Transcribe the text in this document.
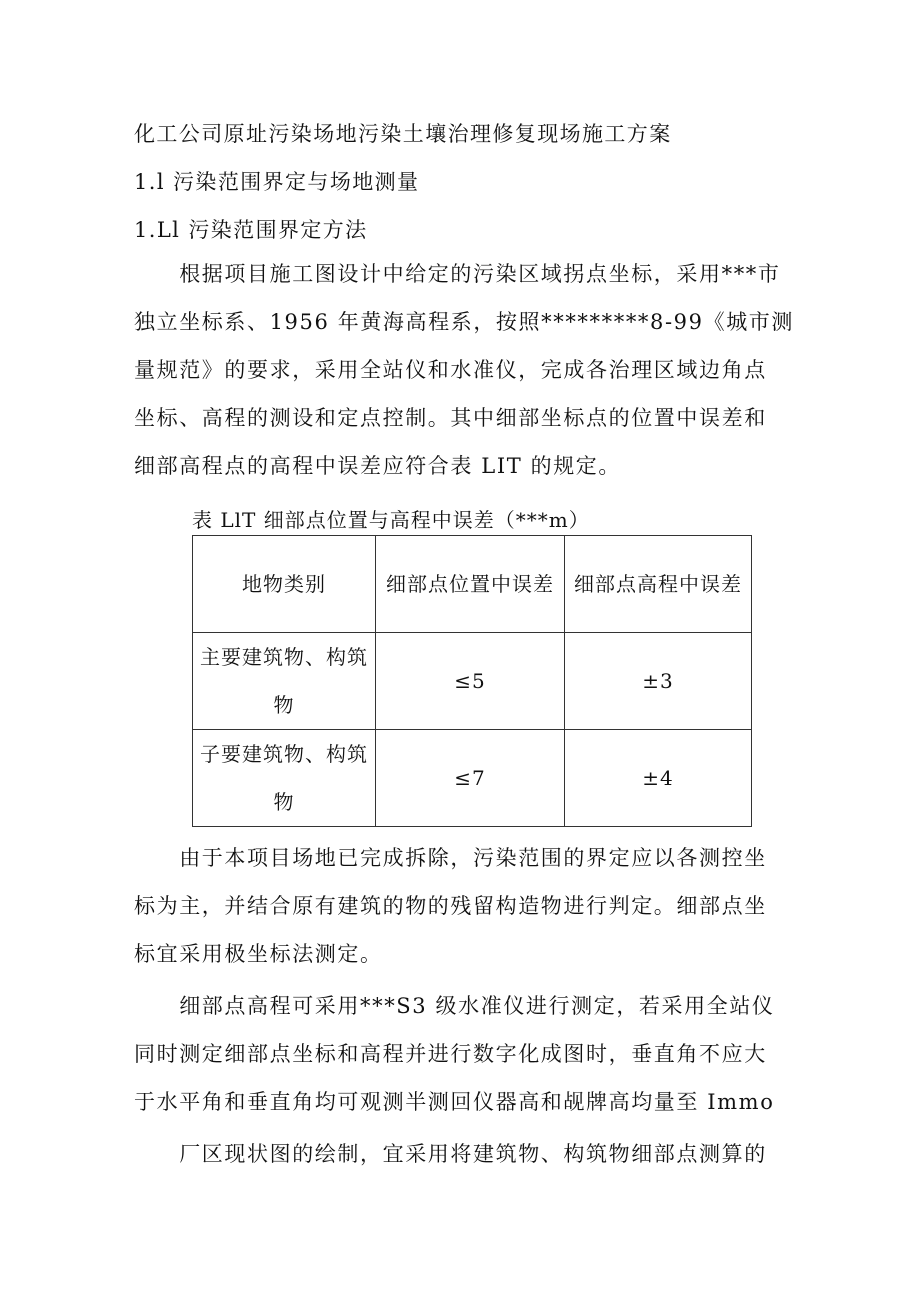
化工公司原址污染场地污染土壤治理修复现场施工方案
1.l 污染范围界定与场地测量
1.Ll 污染范围界定方法
　　根据项目施工图设计中给定的污染区域拐点坐标，采用***市
独立坐标系、1956 年黄海高程系，按照*********8-99《城市测
量规范》的要求，采用全站仪和水准仪，完成各治理区域边角点
坐标、高程的测设和定点控制。其中细部坐标点的位置中误差和
细部高程点的高程中误差应符合表 LIT 的规定。
表 LlT 细部点位置与高程中误差（***m）
地物类别	细部点位置中误差	细部点高程中误差
主要建筑物、构筑物	≤5	±3
子要建筑物、构筑物	≤7	±4
　　由于本项目场地已完成拆除，污染范围的界定应以各测控坐
标为主，并结合原有建筑的物的残留构造物进行判定。细部点坐
标宜采用极坐标法测定。
　　细部点高程可采用***S3 级水准仪进行测定，若采用全站仪
同时测定细部点坐标和高程并进行数字化成图时，垂直角不应大
于水平角和垂直角均可观测半测回仪器高和觇牌高均量至 Immo
　　厂区现状图的绘制，宜采用将建筑物、构筑物细部点测算的
